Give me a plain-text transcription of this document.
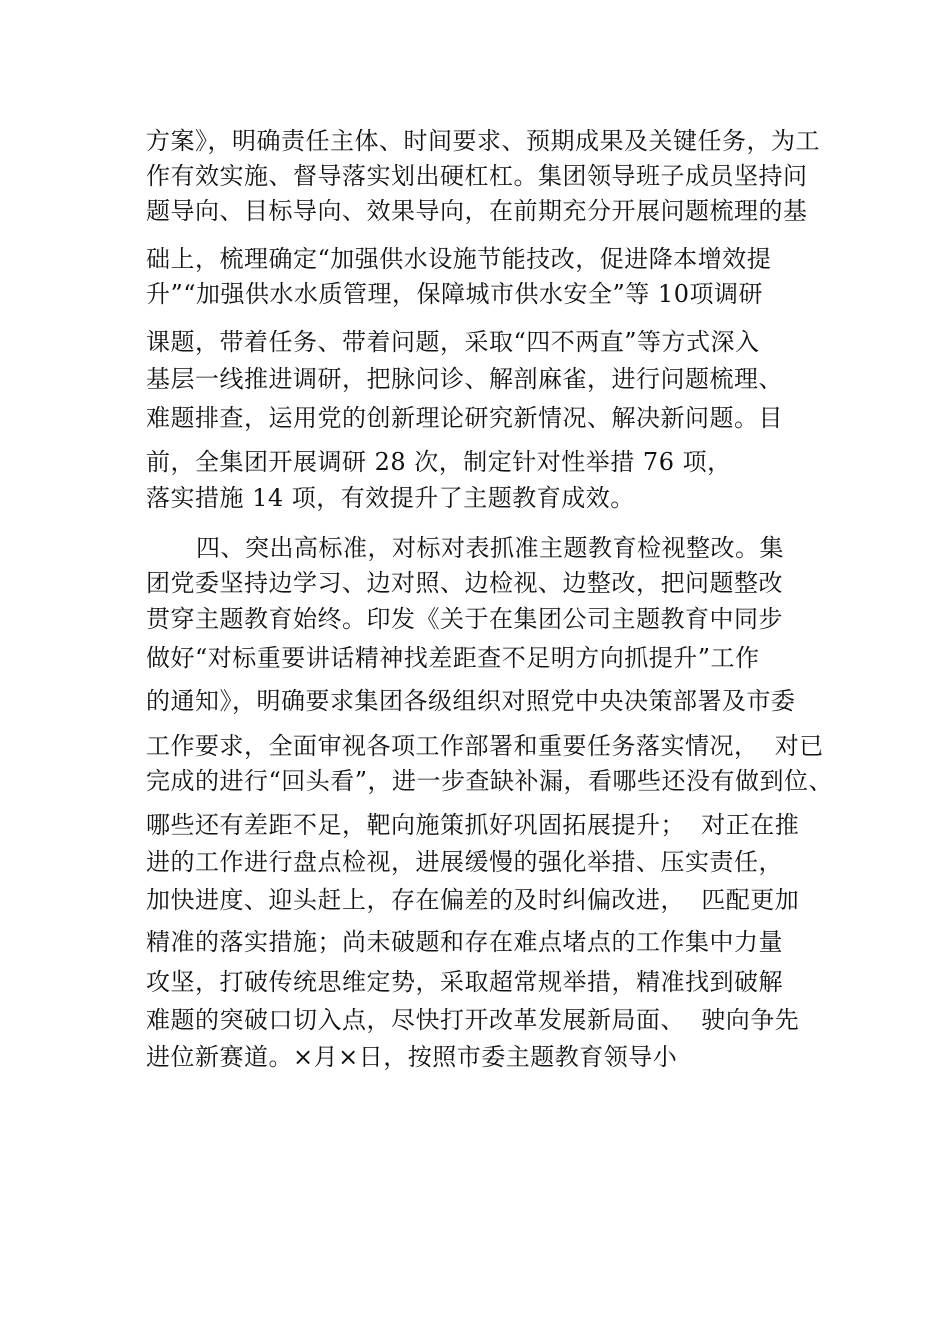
方案》，明确责任主体、时间要求、预期成果及关键任务，为工
作有效实施、督导落实划出硬杠杠。集团领导班子成员坚持问
题导向、目标导向、效果导向，在前期充分开展问题梳理的基
础上，梳理确定“加强供水设施节能技改，促进降本增效提
升”“加强供水水质管理，保障城市供水安全”等 10项调研
课题，带着任务、带着问题，采取“四不两直”等方式深入
基层一线推进调研，把脉问诊、解剖麻雀，进行问题梳理、
难题排查，运用党的创新理论研究新情况、解决新问题。目
前，全集团开展调研 28 次，制定针对性举措 76 项，
落实措施 14 项，有效提升了主题教育成效。
四、突出高标准，对标对表抓准主题教育检视整改。集
团党委坚持边学习、边对照、边检视、边整改，把问题整改
贯穿主题教育始终。印发《关于在集团公司主题教育中同步
做好“对标重要讲话精神找差距查不足明方向抓提升”工作
的通知》，明确要求集团各级组织对照党中央决策部署及市委
工作要求，全面审视各项工作部署和重要任务落实情况，  对已
完成的进行“回头看”，进一步查缺补漏，看哪些还没有做到位、
哪些还有差距不足，靶向施策抓好巩固拓展提升；  对正在推
进的工作进行盘点检视，进展缓慢的强化举措、压实责任，
加快进度、迎头赶上，存在偏差的及时纠偏改进，  匹配更加
精准的落实措施；尚未破题和存在难点堵点的工作集中力量
攻坚，打破传统思维定势，采取超常规举措，精准找到破解
难题的突破口切入点，尽快打开改革发展新局面、  驶向争先
进位新赛道。×月×日，按照市委主题教育领导小
